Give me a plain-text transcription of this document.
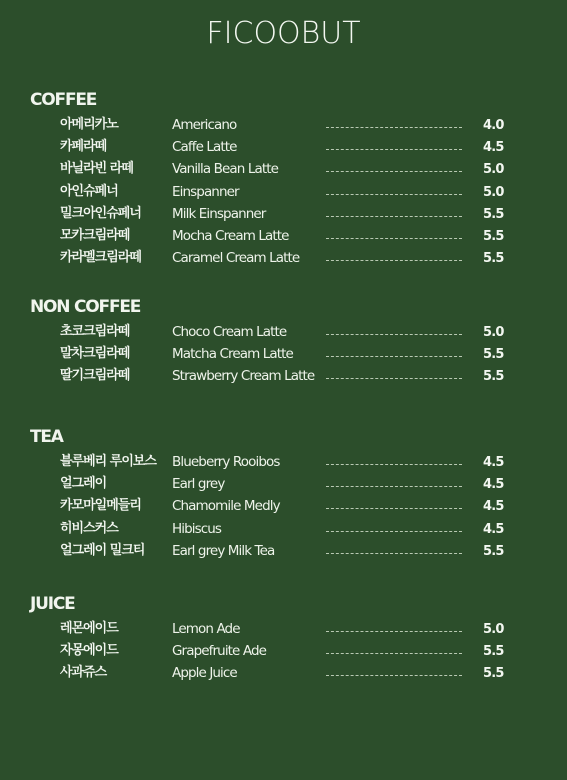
FICOOBUT
COFFEE
아메리카노	Americano	4.0
카페라떼	Caffe Latte	4.5
바닐라빈 라떼	Vanilla Bean Latte	5.0
아인슈페너	Einspanner	5.0
밀크아인슈페너 Milk Einspanner	5.5
모카크림라떼	Mocha Cream Latte	5.5
카라멜크림라떼 Caramel Cream Latte	5.5
NON COFFEE
초코크림라떼	Choco Cream Latte	5.0
말차크림라떼	Matcha Cream Latte	5.5
딸기크림라떼	Strawberry Cream Latte	5.5
TEA
블루베리 루이보스 Blueberry Rooibos	4.5
얼그레이	Earl grey	4.5
카모마일메들리 Chamomile Medly	4.5
히비스커스	Hibiscus	4.5
얼그레이 밀크티 Earl grey Milk Tea	5.5
JUICE
레몬에이드	Lemon Ade	5.0
자몽에이드	Grapefruite Ade	5.5
사과쥬스	Apple Juice	5.5
